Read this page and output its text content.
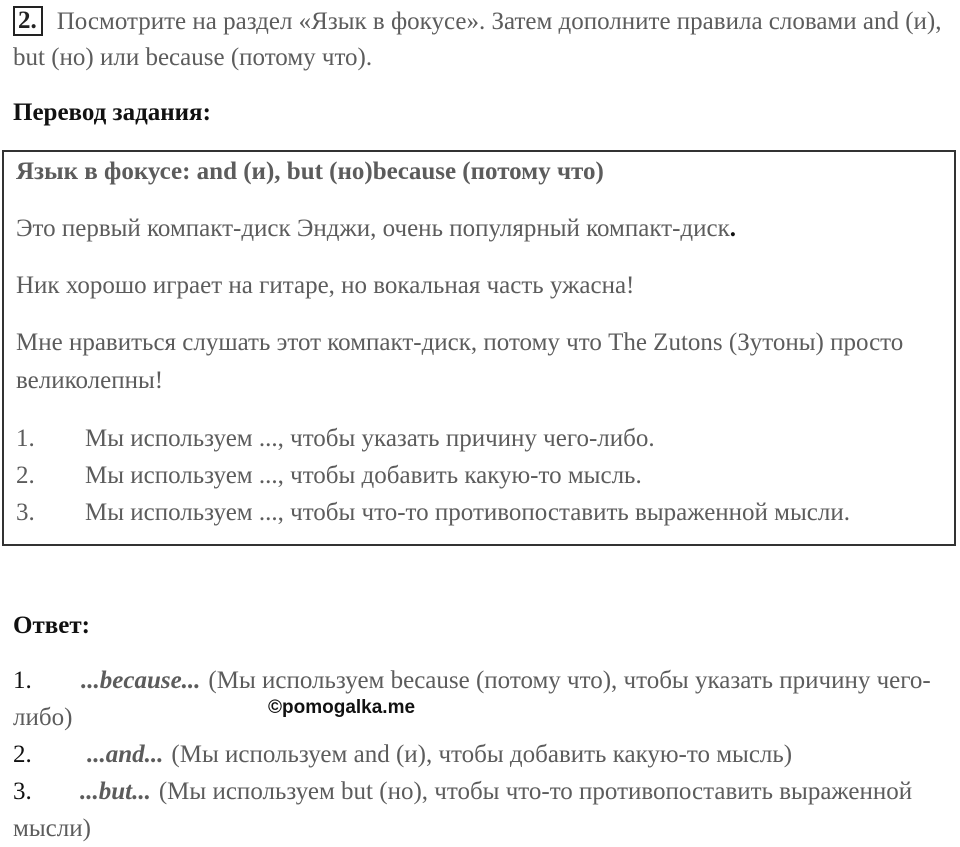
2. Посмотрите на раздел «Язык в фокусе». Затем дополните правила словами and (и), but (но) или because (потому что).
Перевод задания:
Язык в фокусе: and (и), but (но)because (потому что)
Это первый компакт-диск Энджи, очень популярный компакт-диск.
Ник хорошо играет на гитаре, но вокальная часть ужасна!
Мне нравиться слушать этот компакт-диск, потому что The Zutons (Зутоны) просто великолепны!
1. Мы используем ..., чтобы указать причину чего-либо.
2. Мы используем ..., чтобы добавить какую-то мысль.
3. Мы используем ..., чтобы что-то противопоставить выраженной мысли.
Ответ:
1. ...because... (Мы используем because (потому что), чтобы указать причину чего-либо)
2. ...and... (Мы используем and (и), чтобы добавить какую-то мысль)
3. ...but... (Мы используем but (но), чтобы что-то противопоставить выраженной мысли)
©pomogalka.me
